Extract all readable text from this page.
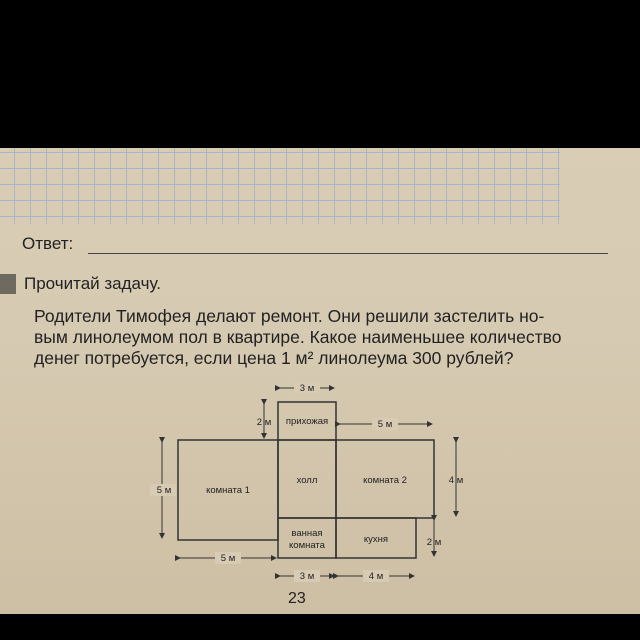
Ответ:
Прочитай задачу.

Родители Тимофея делают ремонт. Они решили застелить но-

вым линолеумом пол в квартире. Какое наименьшее количество

денег потребуется, если цена 1 м² линолеума 300 рублей?

прихожая
холл
комната 1
комната 2
ванная
комната
кухня
3 м
2 м	5 м
4 м
5 м
5 м
2 м
3 м	4 м
23
